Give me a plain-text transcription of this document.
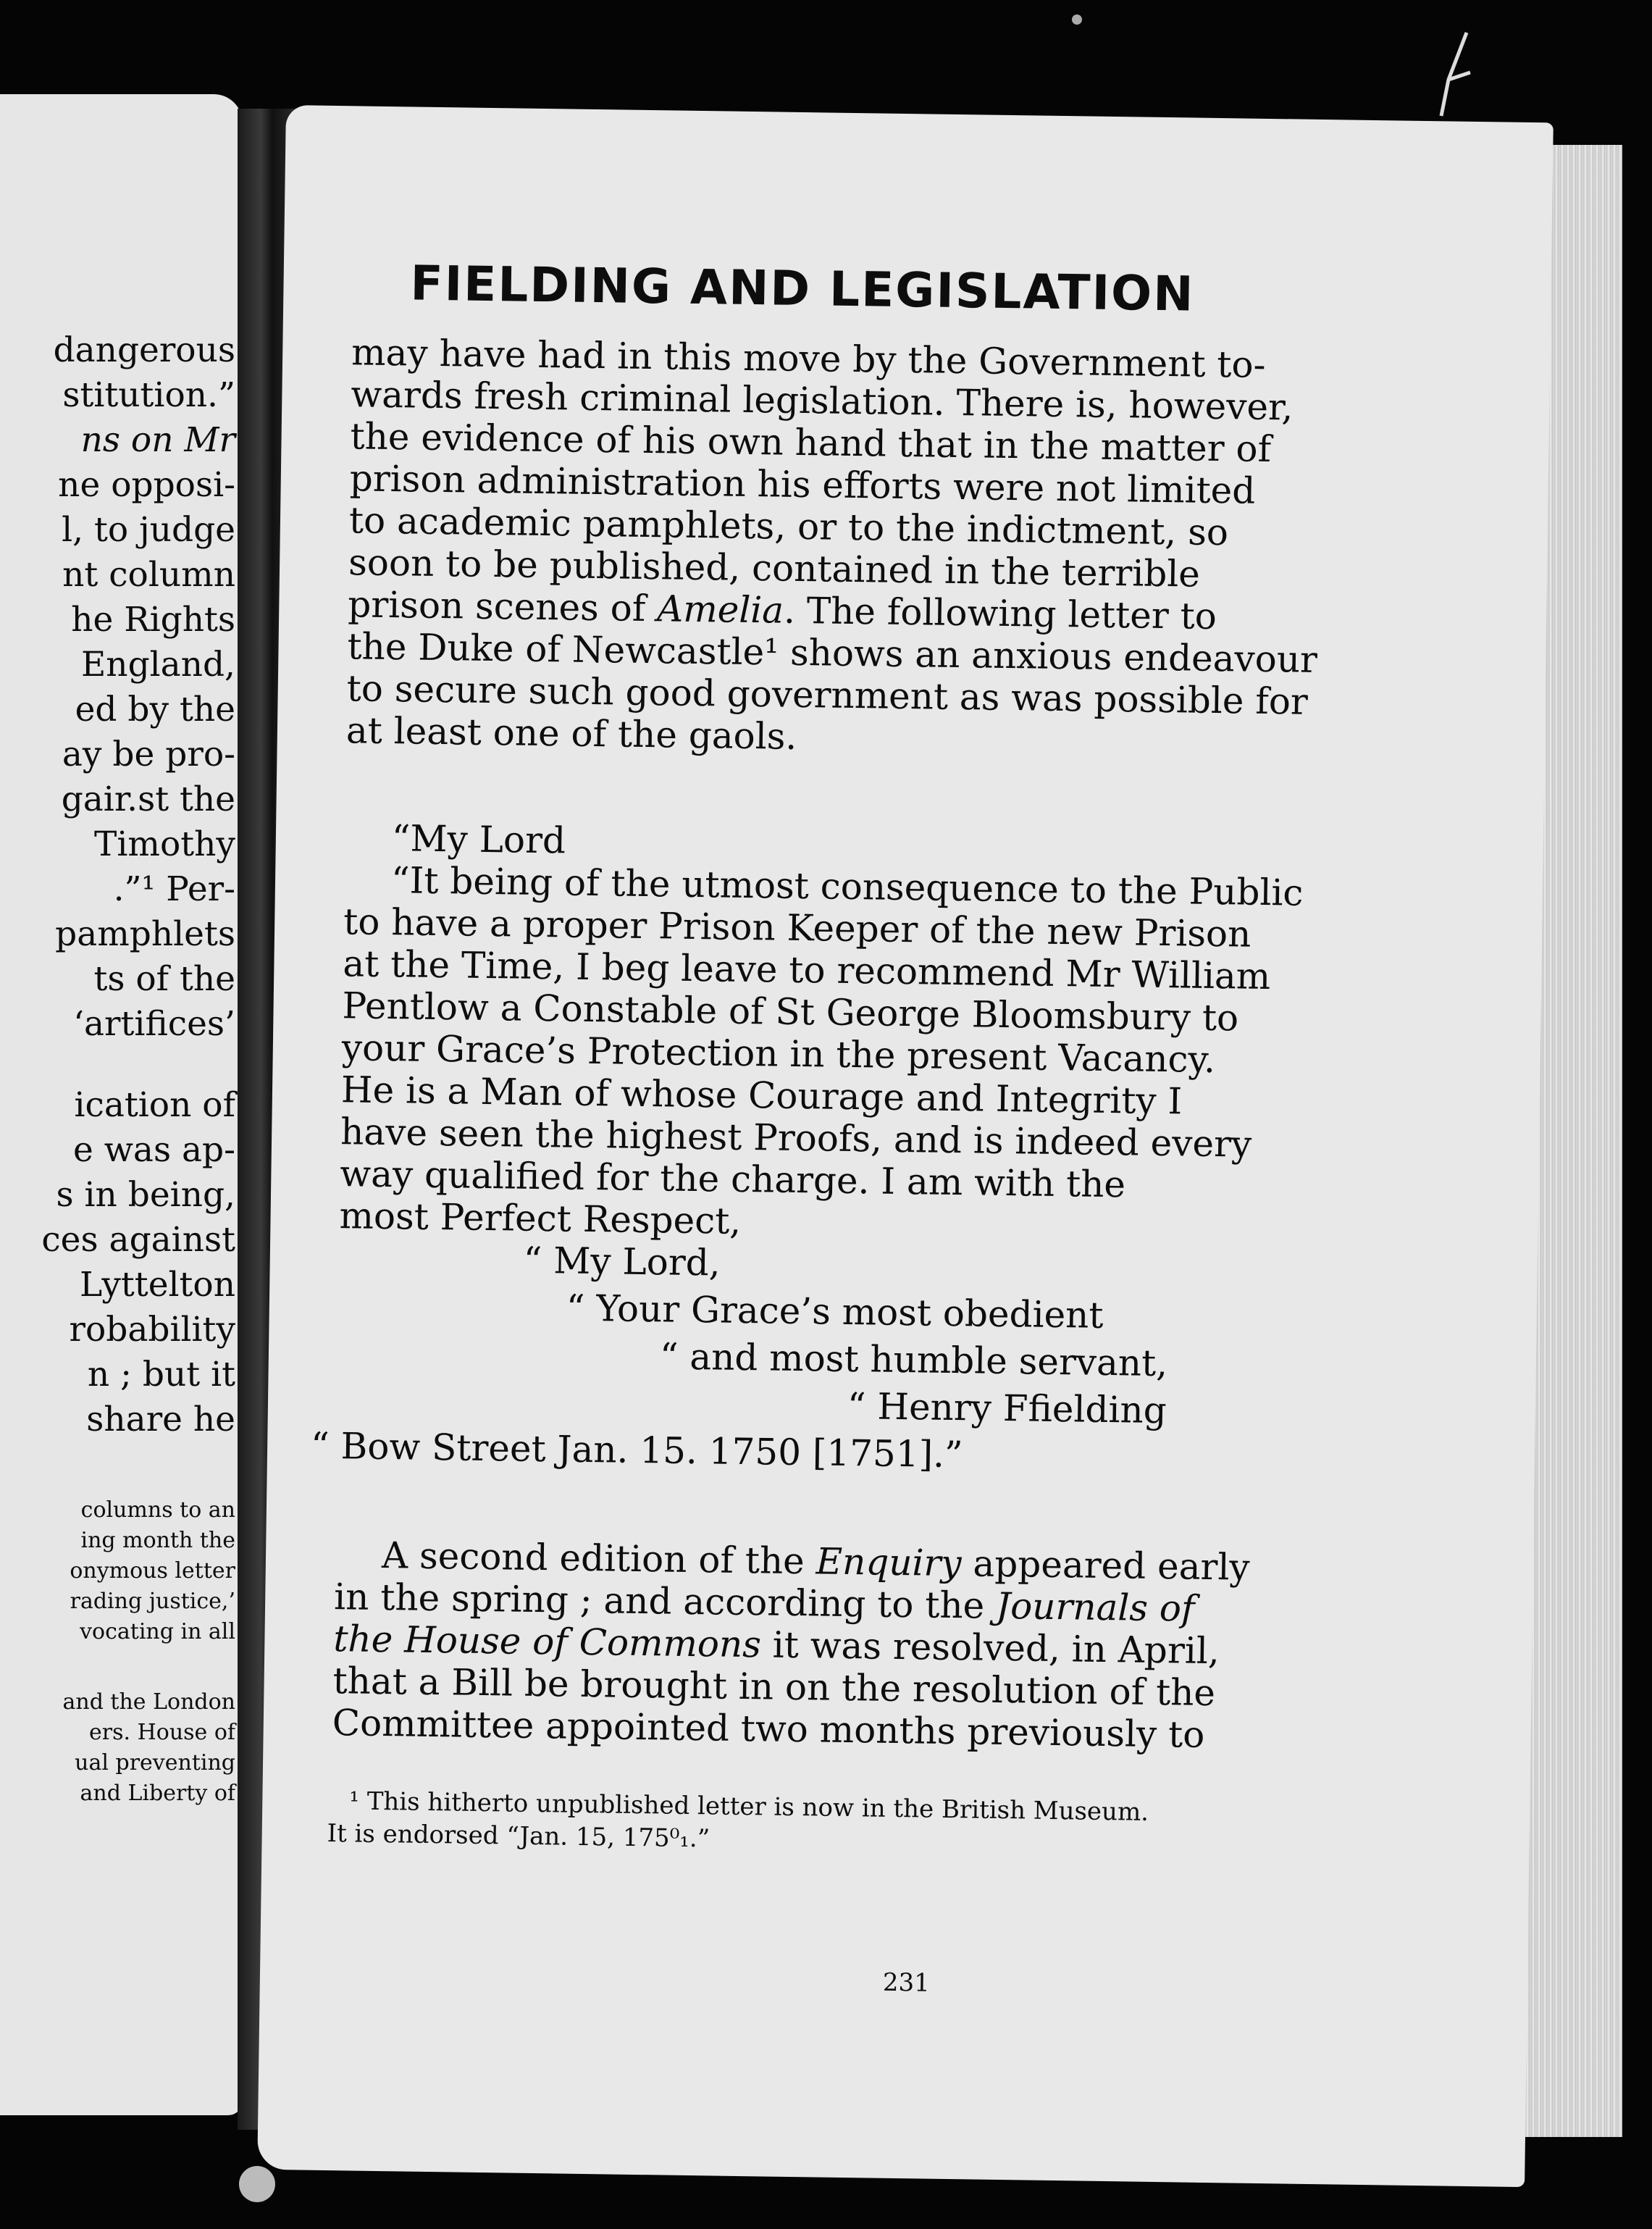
dangerous
stitution.”
ns on Mr
ne opposi-
l, to judge
nt column
he Rights
England,
ed by the
ay be pro-
gair.st the
Timothy
.”¹ Per-
pamphlets
ts of the
‘artifices’
ication of
e was ap-
s in being,
ces against
Lyttelton
robability
n ; but it
share he
columns to an
ing month the
onymous letter
rading justice,’
vocating in all
and the London
ers. House of
ual preventing
and Liberty of
FIELDING AND LEGISLATION
may have had in this move by the Government to-
wards fresh criminal legislation. There is, however,
the evidence of his own hand that in the matter of
prison administration his efforts were not limited
to academic pamphlets, or to the indictment, so
soon to be published, contained in the terrible
prison scenes of Amelia. The following letter to
the Duke of Newcastle¹ shows an anxious endeavour
to secure such good government as was possible for
at least one of the gaols.
“My Lord
“It being of the utmost consequence to the Public
to have a proper Prison Keeper of the new Prison
at the Time, I beg leave to recommend Mr William
Pentlow a Constable of St George Bloomsbury to
your Grace’s Protection in the present Vacancy.
He is a Man of whose Courage and Integrity I
have seen the highest Proofs, and is indeed every
way qualified for the charge. I am with the
most Perfect Respect,
“ My Lord,
“ Your Grace’s most obedient
“ and most humble servant,
“ Henry Ffielding
“ Bow Street Jan. 15. 1750 [1751].”
A second edition of the Enquiry appeared early
in the spring ; and according to the Journals of
the House of Commons it was resolved, in April,
that a Bill be brought in on the resolution of the
Committee appointed two months previously to
¹ This hitherto unpublished letter is now in the British Museum.
It is endorsed “Jan. 15, 175⁰₁.”
231
